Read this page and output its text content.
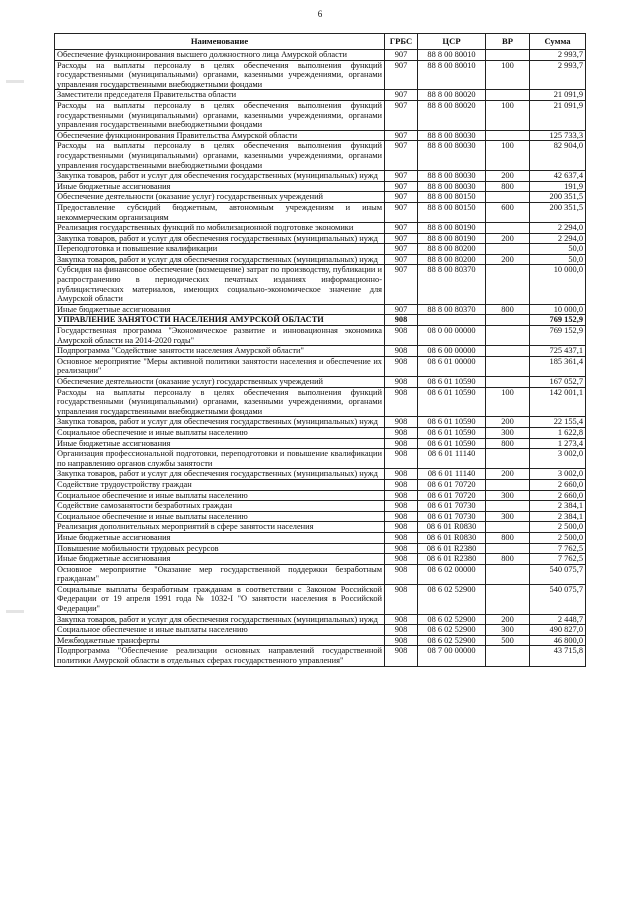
6
Наименование	ГРБС	ЦСР	ВР	Сумма
Обеспечение функционирования высшего должностного лица Амурской области	907	88 8 00 80010		2 993,7
Расходы на выплаты персоналу в целях обеспечения выполнения функций государственными (муниципальными) органами, казенными учреждениями, органами управления государственными внебюджетными фондами	907	88 8 00 80010	100	2 993,7
Заместители председателя Правительства области	907	88 8 00 80020		21 091,9
Расходы на выплаты персоналу в целях обеспечения выполнения функций государственными (муниципальными) органами, казенными учреждениями, органами управления государственными внебюджетными фондами	907	88 8 00 80020	100	21 091,9
Обеспечение функционирования Правительства Амурской области	907	88 8 00 80030		125 733,3
Расходы на выплаты персоналу в целях обеспечения выполнения функций государственными (муниципальными) органами, казенными учреждениями, органами управления государственными внебюджетными фондами	907	88 8 00 80030	100	82 904,0
Закупка товаров, работ и услуг для обеспечения государственных (муниципальных) нужд	907	88 8 00 80030	200	42 637,4
Иные бюджетные ассигнования	907	88 8 00 80030	800	191,9
Обеспечение деятельности (оказание услуг) государственных учреждений	907	88 8 00 80150		200 351,5
Предоставление субсидий бюджетным, автономным учреждениям и иным некоммерческим организациям	907	88 8 00 80150	600	200 351,5
Реализация государственных функций по мобилизационной подготовке экономики	907	88 8 00 80190		2 294,0
Закупка товаров, работ и услуг для обеспечения государственных (муниципальных) нужд	907	88 8 00 80190	200	2 294,0
Переподготовка и повышение квалификации	907	88 8 00 80200		50,0
Закупка товаров, работ и услуг для обеспечения государственных (муниципальных) нужд	907	88 8 00 80200	200	50,0
Субсидия на финансовое обеспечение (возмещение) затрат по производству, публикации и распространению в периодических печатных изданиях информационно-публицистических материалов, имеющих социально-экономическое значение для Амурской области	907	88 8 00 80370		10 000,0
Иные бюджетные ассигнования	907	88 8 00 80370	800	10 000,0
УПРАВЛЕНИЕ ЗАНЯТОСТИ НАСЕЛЕНИЯ АМУРСКОЙ ОБЛАСТИ	908			769 152,9
Государственная программа "Экономическое развитие и инновационная экономика Амурской области на 2014-2020 годы"	908	08 0 00 00000		769 152,9
Подпрограмма "Содействие занятости населения Амурской области"	908	08 6 00 00000		725 437,1
Основное мероприятие "Меры активной политики занятости населения и обеспечение их реализации"	908	08 6 01 00000		185 361,4
Обеспечение деятельности (оказание услуг) государственных учреждений	908	08 6 01 10590		167 052,7
Расходы на выплаты персоналу в целях обеспечения выполнения функций государственными (муниципальными) органами, казенными учреждениями, органами управления государственными внебюджетными фондами	908	08 6 01 10590	100	142 001,1
Закупка товаров, работ и услуг для обеспечения государственных (муниципальных) нужд	908	08 6 01 10590	200	22 155,4
Социальное обеспечение и иные выплаты населению	908	08 6 01 10590	300	1 622,8
Иные бюджетные ассигнования	908	08 6 01 10590	800	1 273,4
Организация профессиональной подготовки, переподготовки и повышение квалификации по направлению органов службы занятости	908	08 6 01 11140		3 002,0
Закупка товаров, работ и услуг для обеспечения государственных (муниципальных) нужд	908	08 6 01 11140	200	3 002,0
Содействие трудоустройству граждан	908	08 6 01 70720		2 660,0
Социальное обеспечение и иные выплаты населению	908	08 6 01 70720	300	2 660,0
Содействие самозанятости безработных граждан	908	08 6 01 70730		2 384,1
Социальное обеспечение и иные выплаты населению	908	08 6 01 70730	300	2 384,1
Реализация дополнительных мероприятий в сфере занятости населения	908	08 6 01 R0830		2 500,0
Иные бюджетные ассигнования	908	08 6 01 R0830	800	2 500,0
Повышение мобильности трудовых ресурсов	908	08 6 01 R2380		7 762,5
Иные бюджетные ассигнования	908	08 6 01 R2380	800	7 762,5
Основное мероприятие "Оказание мер государственной поддержки безработным гражданам"	908	08 6 02 00000		540 075,7
Социальные выплаты безработным гражданам в соответствии с Законом Российской Федерации от 19 апреля 1991 года № 1032-I "О занятости населения в Российской Федерации"	908	08 6 02 52900		540 075,7
Закупка товаров, работ и услуг для обеспечения государственных (муниципальных) нужд	908	08 6 02 52900	200	2 448,7
Социальное обеспечение и иные выплаты населению	908	08 6 02 52900	300	490 827,0
Межбюджетные трансферты	908	08 6 02 52900	500	46 800,0
Подпрограмма "Обеспечение реализации основных направлений государственной политики Амурской области в отдельных сферах государственного управления"	908	08 7 00 00000		43 715,8
